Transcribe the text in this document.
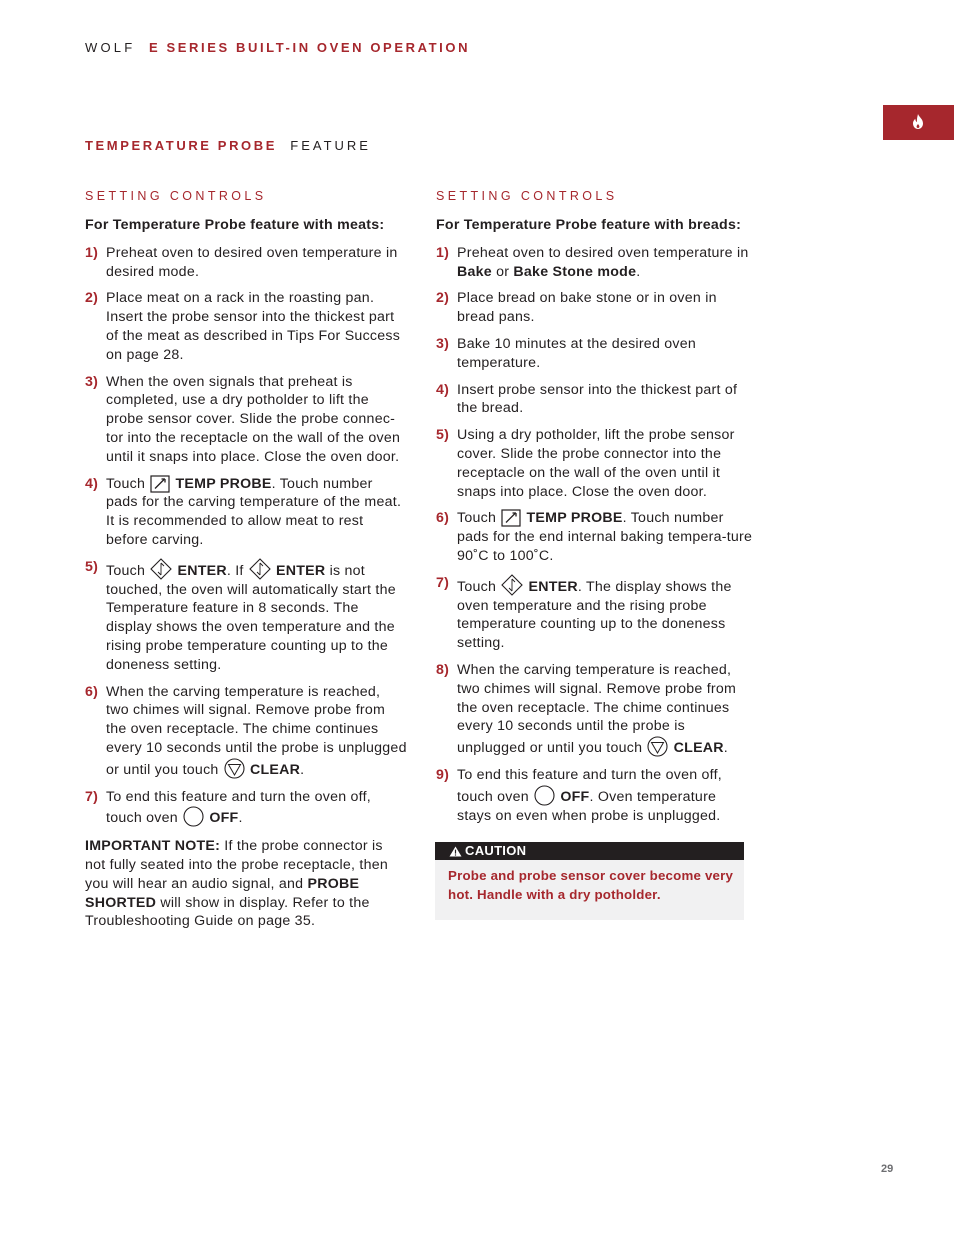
WOLF E SERIES BUILT-IN OVEN OPERATION
TEMPERATURE PROBE FEATURE
SETTING CONTROLS
For Temperature Probe feature with meats:
1) Preheat oven to desired oven temperature in desired mode.
2) Place meat on a rack in the roasting pan. Insert the probe sensor into the thickest part of the meat as described in Tips For Success on page 28.
3) When the oven signals that preheat is completed, use a dry potholder to lift the probe sensor cover. Slide the probe connec-tor into the receptacle on the wall of the oven until it snaps into place. Close the oven door.
4) Touch TEMP PROBE. Touch number pads for the carving temperature of the meat. It is recommended to allow meat to rest before carving.
5) Touch ENTER. If ENTER is not touched, the oven will automatically start the Temperature feature in 8 seconds. The display shows the oven temperature and the rising probe temperature counting up to the doneness setting.
6) When the carving temperature is reached, two chimes will signal. Remove probe from the oven receptacle. The chime continues every 10 seconds until the probe is unplugged or until you touch CLEAR.
7) To end this feature and turn the oven off, touch oven OFF.
IMPORTANT NOTE: If the probe connector is not fully seated into the probe receptacle, then you will hear an audio signal, and PROBE SHORTED will show in display. Refer to the Troubleshooting Guide on page 35.
SETTING CONTROLS
For Temperature Probe feature with breads:
1) Preheat oven to desired oven temperature in Bake or Bake Stone mode.
2) Place bread on bake stone or in oven in bread pans.
3) Bake 10 minutes at the desired oven temperature.
4) Insert probe sensor into the thickest part of the bread.
5) Using a dry potholder, lift the probe sensor cover. Slide the probe connector into the receptacle on the wall of the oven until it snaps into place. Close the oven door.
6) Touch TEMP PROBE. Touch number pads for the end internal baking tempera-ture 90˚C to 100˚C.
7) Touch ENTER. The display shows the oven temperature and the rising probe temperature counting up to the doneness setting.
8) When the carving temperature is reached, two chimes will signal. Remove probe from the oven receptacle. The chime continues every 10 seconds until the probe is unplugged or until you touch CLEAR.
9) To end this feature and turn the oven off, touch oven OFF. Oven temperature stays on even when probe is unplugged.
CAUTION
Probe and probe sensor cover become very hot. Handle with a dry potholder.
29
